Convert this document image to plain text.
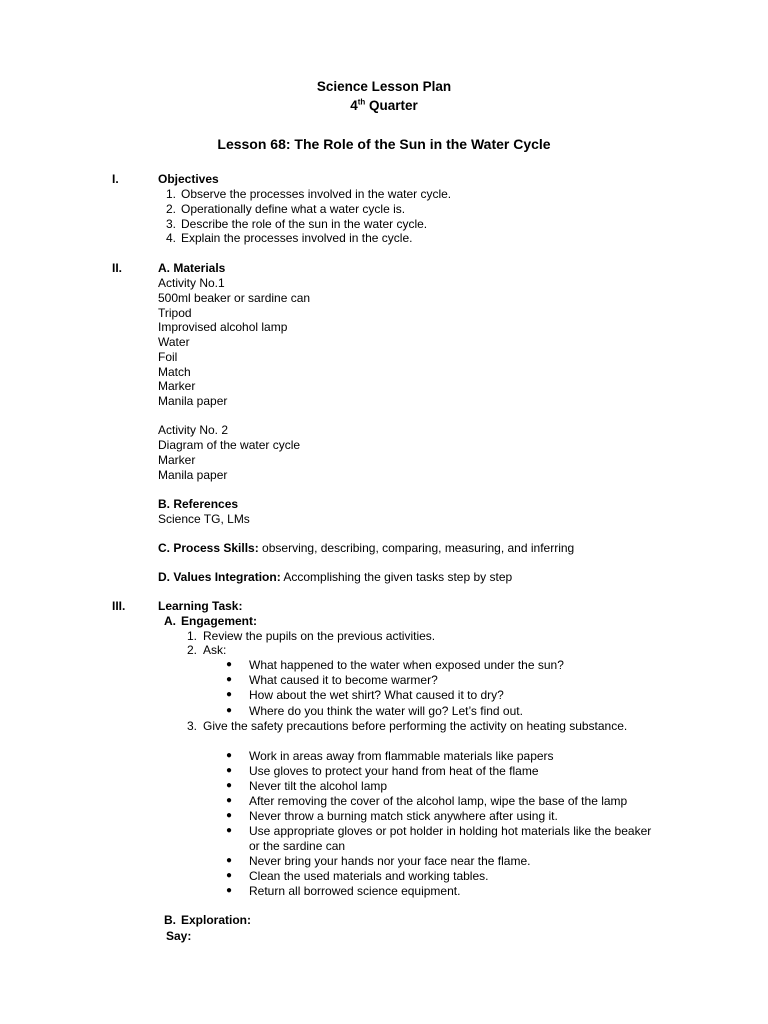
Science Lesson Plan
4th Quarter
Lesson 68: The Role of the Sun in the Water Cycle
I.	Objectives
1. Observe the processes involved in the water cycle.
2. Operationally define what a water cycle is.
3. Describe the role of the sun in the water cycle.
4. Explain the processes involved in the cycle.
II.	A. Materials
Activity No.1
500ml beaker or sardine can
Tripod
Improvised alcohol lamp
Water
Foil
Match
Marker
Manila paper
Activity No. 2
Diagram of the water cycle
Marker
Manila paper
B. References
Science TG, LMs
C. Process Skills: observing, describing, comparing, measuring, and inferring
D. Values Integration: Accomplishing the given tasks step by step
III.	Learning Task:
A. Engagement:
1. Review the pupils on the previous activities.
2. Ask:
● What happened to the water when exposed under the sun?
● What caused it to become warmer?
● How about the wet shirt? What caused it to dry?
● Where do you think the water will go? Let’s find out.
3. Give the safety precautions before performing the activity on heating substance.
● Work in areas away from flammable materials like papers
● Use gloves to protect your hand from heat of the flame
● Never tilt the alcohol lamp
● After removing the cover of the alcohol lamp, wipe the base of the lamp
● Never throw a burning match stick anywhere after using it.
● Use appropriate gloves or pot holder in holding hot materials like the beaker
or the sardine can
● Never bring your hands nor your face near the flame.
● Clean the used materials and working tables.
● Return all borrowed science equipment.
B. Exploration:
Say:
